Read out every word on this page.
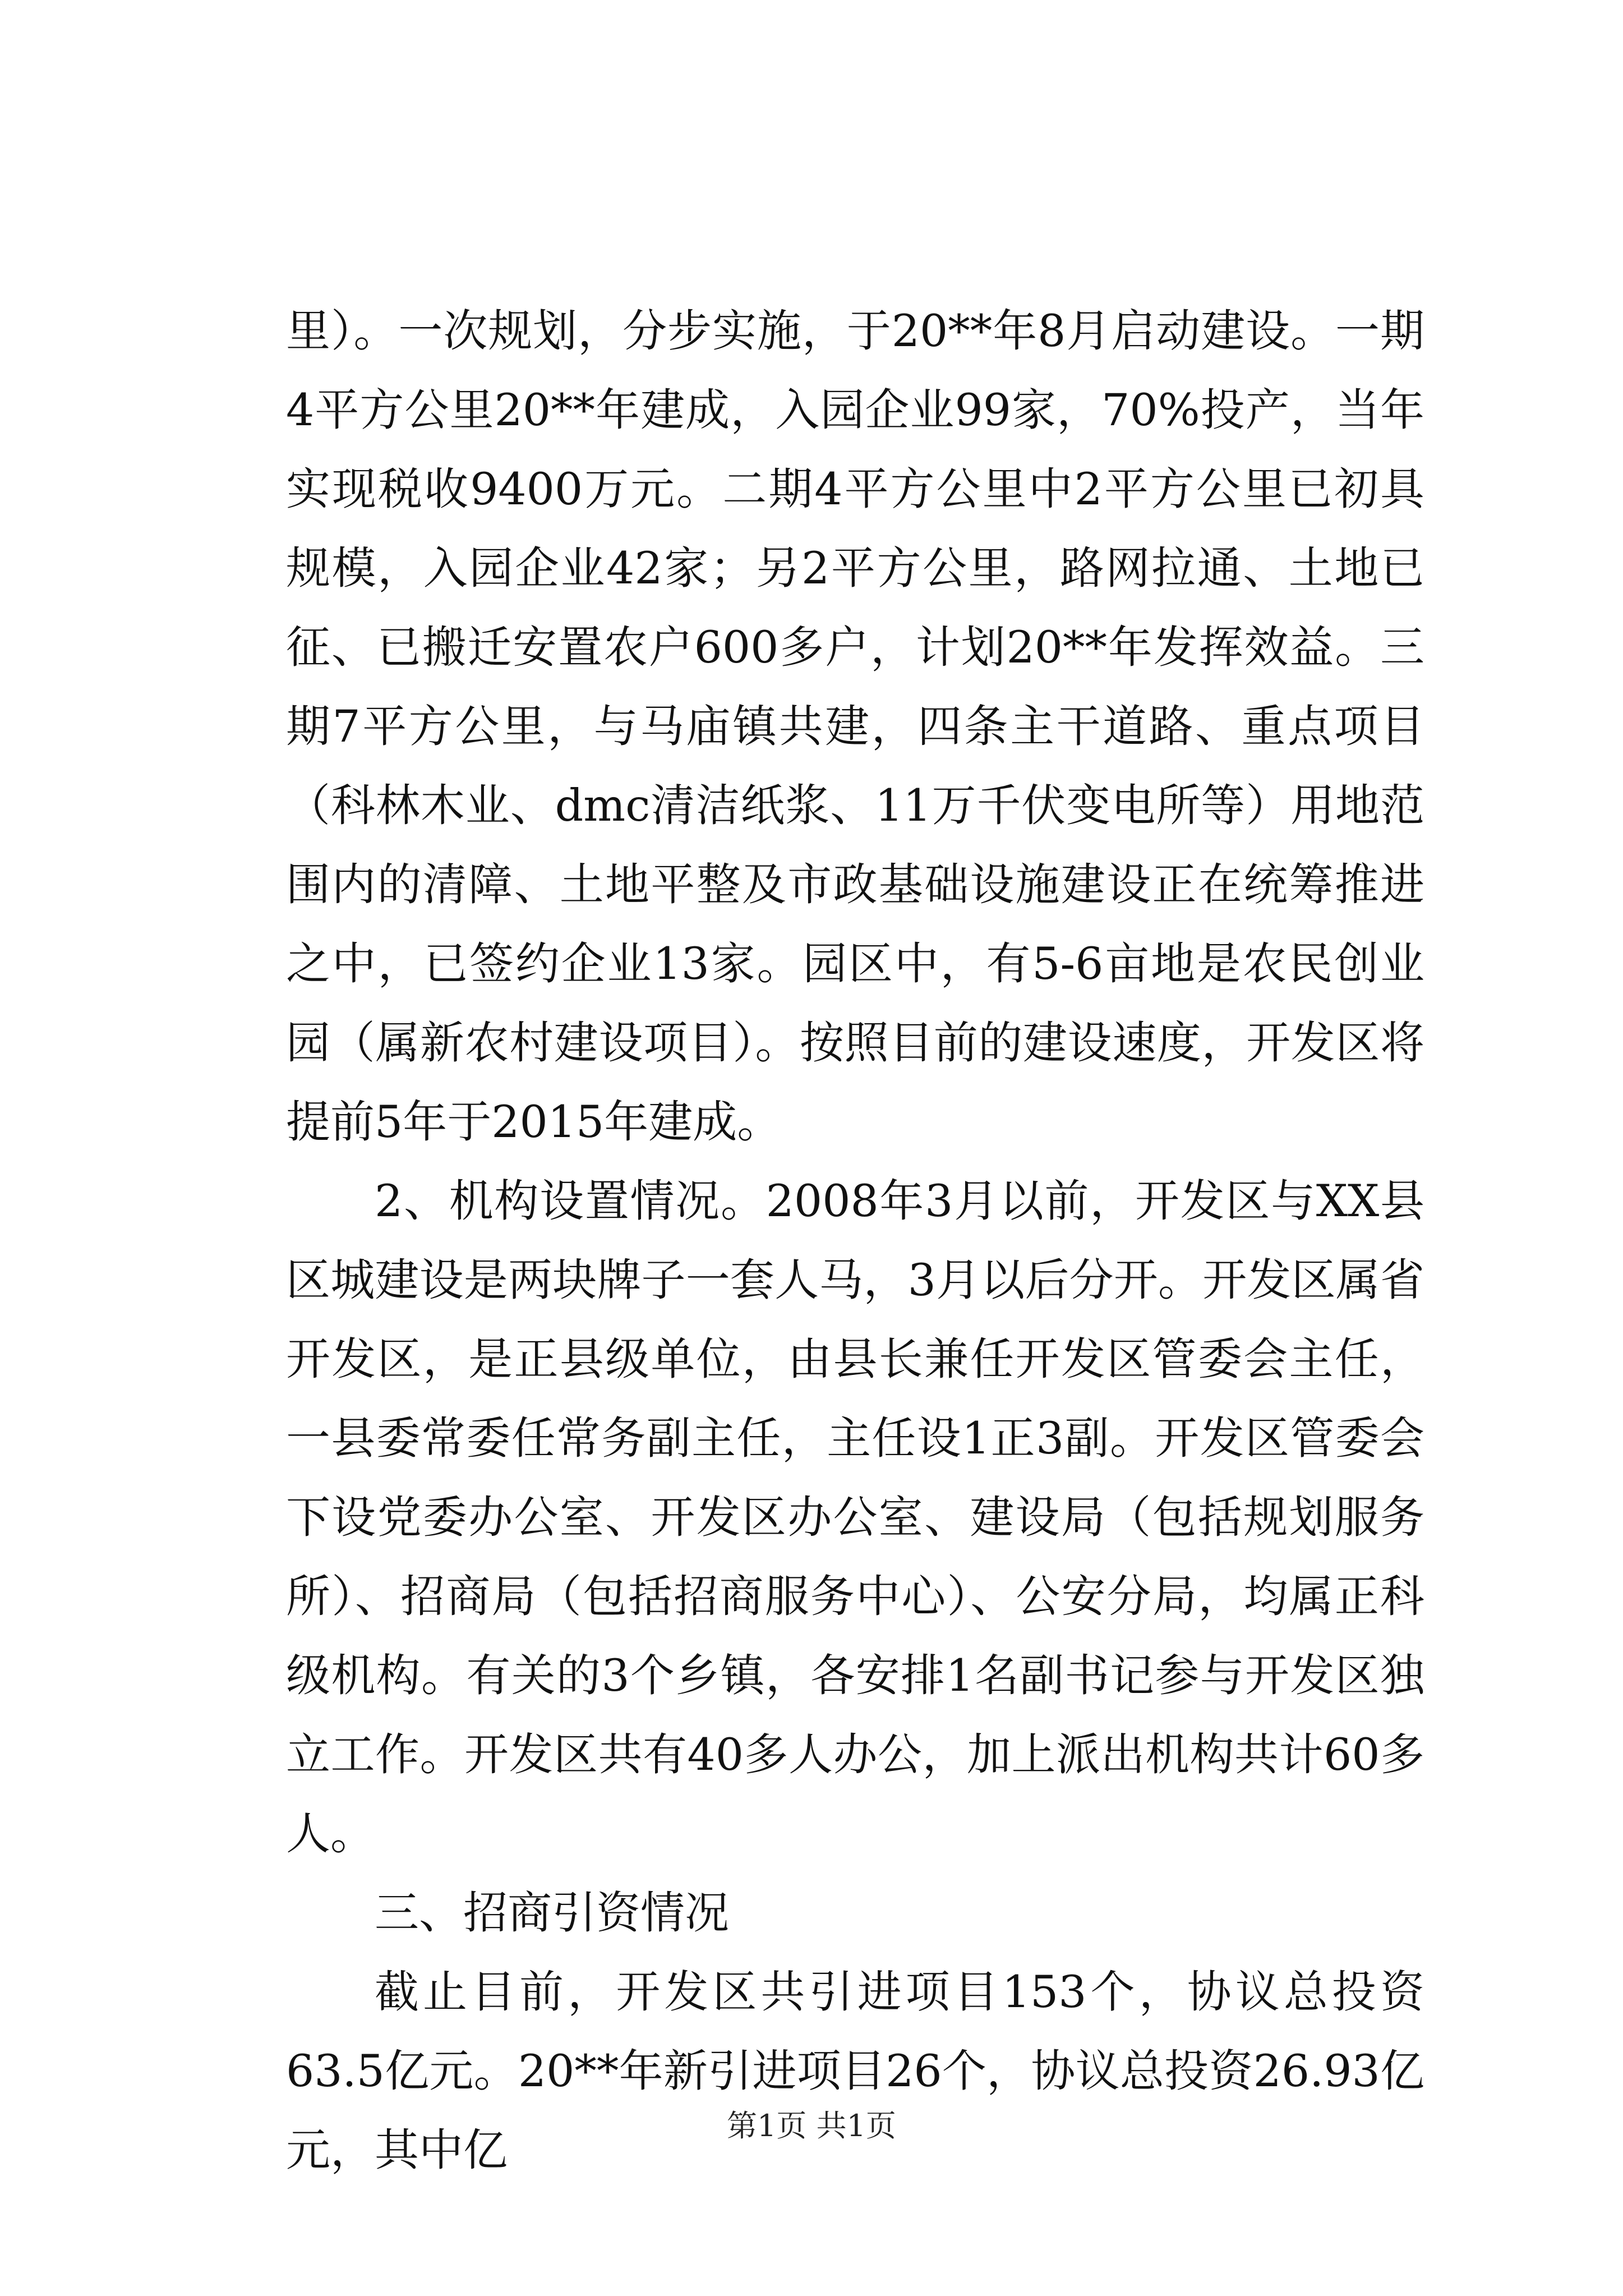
里）。一次规划，分步实施，于20**年8月启动建设。一期4平方公里20**年建成，入园企业99家，70%投产，当年实现税收9400万元。二期4平方公里中2平方公里已初具规模，入园企业42家；另2平方公里，路网拉通、土地已征、已搬迁安置农户600多户，计划20**年发挥效益。三期7平方公里，与马庙镇共建，四条主干道路、重点项目（科林木业、dmc清洁纸浆、11万千伏变电所等）用地范围内的清障、土地平整及市政基础设施建设正在统筹推进之中，已签约企业13家。园区中，有5-6亩地是农民创业园（属新农村建设项目）。按照目前的建设速度，开发区将提前5年于2015年建成。

2、机构设置情况。2008年3月以前，开发区与XX县区城建设是两块牌子一套人马，3月以后分开。开发区属省开发区，是正县级单位，由县长兼任开发区管委会主任，一县委常委任常务副主任，主任设1正3副。开发区管委会下设党委办公室、开发区办公室、建设局（包括规划服务所）、招商局（包括招商服务中心）、公安分局，均属正科级机构。有关的3个乡镇，各安排1名副书记参与开发区独立工作。开发区共有40多人办公，加上派出机构共计60多人。

三、招商引资情况

截止目前，开发区共引进项目153个，协议总投资63.5亿元。20**年新引进项目26个，协议总投资26.93亿元，其中亿	第1页 共1页
